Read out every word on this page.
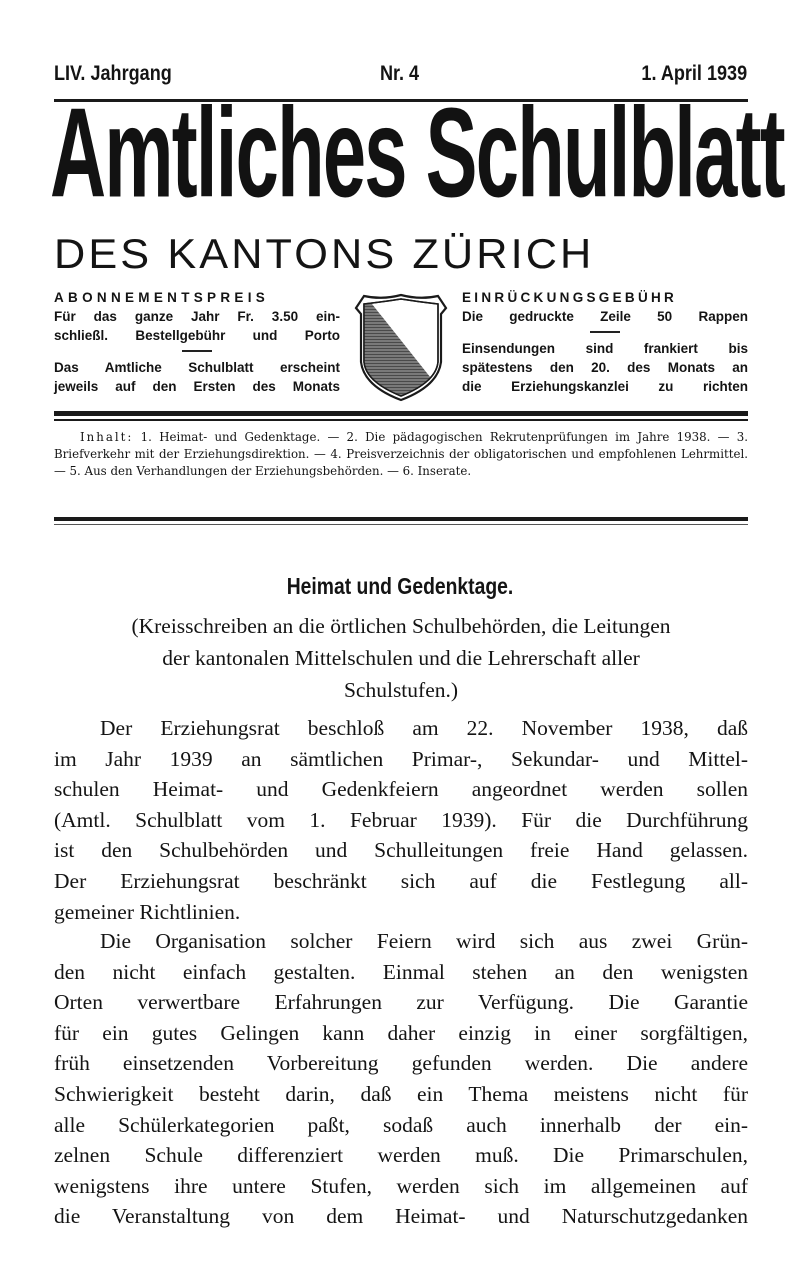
LIV. Jahrgang	Nr. 4	1. April 1939
Amtliches Schulblatt
DES KANTONS ZÜRICH
ABONNEMENTSPREIS
Für das ganze Jahr Fr. 3.50 ein-
schließl. Bestellgebühr und Porto
Das Amtliche Schulblatt erscheint
jeweils auf den Ersten des Monats
EINRÜCKUNGSGEBÜHR
Die gedruckte Zeile 50 Rappen
Einsendungen sind frankiert bis
spätestens den 20. des Monats an
die Erziehungskanzlei zu richten

Inhalt: 1. Heimat- und Gedenktage. — 2. Die pädagogischen Rekrutenprüfungen im Jahre 1938. — 3. Briefverkehr mit der Erziehungsdirektion. — 4. Preisverzeichnis der obligatorischen und empfohlenen Lehrmittel. — 5. Aus den Verhandlungen der Erziehungsbehörden. — 6. Inserate.

Heimat und Gedenktage.

(Kreisschreiben an die örtlichen Schulbehörden, die Leitungen

der kantonalen Mittelschulen und die Lehrerschaft aller

Schulstufen.)

Der Erziehungsrat beschloß am 22. November 1938, daß
im Jahr 1939 an sämtlichen Primar-, Sekundar- und Mittel-
schulen Heimat- und Gedenkfeiern angeordnet werden sollen
(Amtl. Schulblatt vom 1. Februar 1939). Für die Durchführung
ist den Schulbehörden und Schulleitungen freie Hand gelassen.
Der Erziehungsrat beschränkt sich auf die Festlegung all-
gemeiner Richtlinien.
Die Organisation solcher Feiern wird sich aus zwei Grün-
den nicht einfach gestalten. Einmal stehen an den wenigsten
Orten verwertbare Erfahrungen zur Verfügung. Die Garantie
für ein gutes Gelingen kann daher einzig in einer sorgfältigen,
früh einsetzenden Vorbereitung gefunden werden. Die andere
Schwierigkeit besteht darin, daß ein Thema meistens nicht für
alle Schülerkategorien paßt, sodaß auch innerhalb der ein-
zelnen Schule differenziert werden muß. Die Primarschulen,
wenigstens ihre untere Stufen, werden sich im allgemeinen auf
die Veranstaltung von dem Heimat- und Naturschutzgedanken
